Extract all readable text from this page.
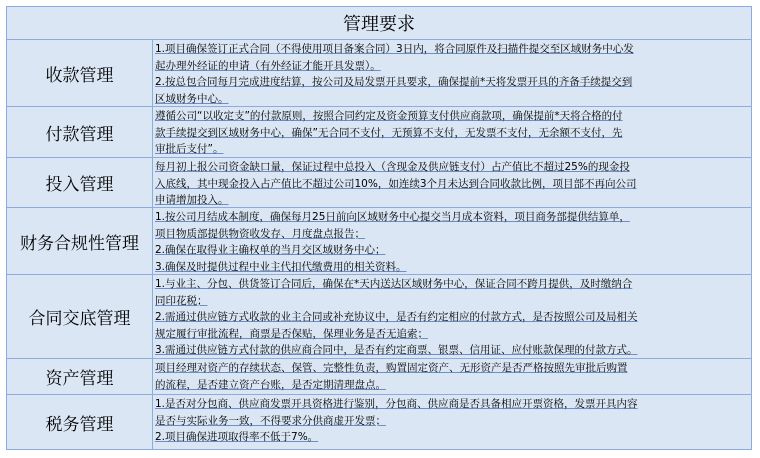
管理要求
收款管理

1.项目确保签订正式合同（不得使用项目备案合同）3日内，将合同原件及扫描件提交至区域财务中心发

起办理外经证的申请（有外经证才能开具发票）。

2.按总包合同每月完成进度结算，按公司及局发票开具要求，确保提前*天将发票开具的齐备手续提交到

区域财务中心。

付款管理

遵循公司“以收定支”的付款原则，按照合同约定及资金预算支付供应商款项，确保提前*天将合格的付

款手续提交到区域财务中心，确保”无合同不支付，无预算不支付，无发票不支付，无余额不支付，先

审批后支付”。

投入管理

每月初上报公司资金缺口量，保证过程中总投入（含现金及供应链支付）占产值比不超过25%的现金投

入底线，其中现金投入占产值比不超过公司10%，如连续3个月未达到合同收款比例，项目部不再向公司

申请增加投入。

财务合规性管理

1.按公司月结成本制度，确保每月25日前向区域财务中心提交当月成本资料，项目商务部提供结算单，

项目物质部提供物资收发存、月度盘点报告；

2.确保在取得业主确权单的当月交区域财务中心；

3.确保及时提供过程中业主代扣代缴费用的相关资料。

合同交底管理

1.与业主、分包、供货签订合同后，确保在*天内送达区域财务中心，保证合同不跨月提供，及时缴纳合

同印花税；

2.需通过供应链方式收款的业主合同或补充协议中，是否有约定相应的付款方式，是否按照公司及局相关

规定履行审批流程，商票是否保贴，保理业务是否无追索；

3.需通过供应链方式付款的供应商合同中，是否有约定商票、银票、信用证、应付账款保理的付款方式。

资产管理

项目经理对资产的存续状态、保管、完整性负责，购置固定资产、无形资产是否严格按照先审批后购置

的流程，是否建立资产台账，是否定期清理盘点。

税务管理

1.是否对分包商、供应商发票开具资格进行鉴别，分包商、供应商是否具备相应开票资格，发票开具内容

是否与实际业务一致，不得要求分供商虚开发票；

2.项目确保进项取得率不低于7%。
